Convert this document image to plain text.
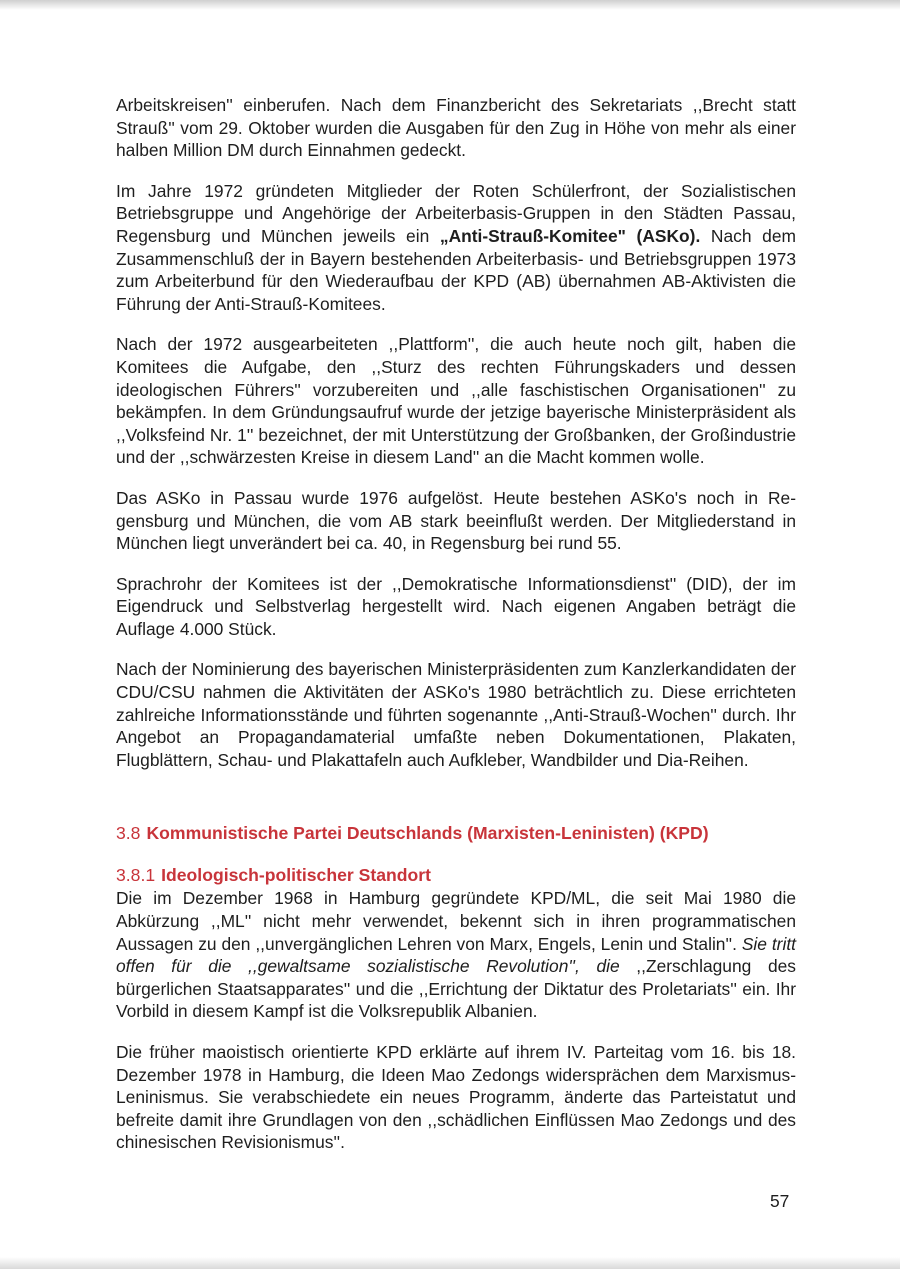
Arbeitskreisen'' einberufen. Nach dem Finanzbericht des Sekretariats ,,Brecht statt Strauß'' vom 29. Oktober wurden die Ausgaben für den Zug in Höhe von mehr als einer halben Million DM durch Einnahmen gedeckt.

Im Jahre 1972 gründeten Mitglieder der Roten Schülerfront, der Sozialistischen Betriebsgruppe und Angehörige der Arbeiterbasis-Gruppen in den Städten Passau, Regensburg und München jeweils ein „Anti-Strauß-Komitee" (ASKo). Nach dem Zusammenschluß der in Bayern bestehenden Arbeiterbasis- und Betriebsgruppen 1973 zum Arbeiterbund für den Wiederaufbau der KPD (AB) übernahmen AB-Aktivisten die Führung der Anti-Strauß-Komitees.

Nach der 1972 ausgearbeiteten ,,Plattform'', die auch heute noch gilt, haben die Komitees die Aufgabe, den ,,Sturz des rechten Führungskaders und dessen ideologischen Führers'' vorzubereiten und ,,alle faschistischen Organisationen'' zu bekämpfen. In dem Gründungsaufruf wurde der jetzige bayerische Ministerpräsident als ,,Volksfeind Nr. 1'' bezeichnet, der mit Unterstützung der Großbanken, der Großindustrie und der ,,schwärzesten Kreise in diesem Land'' an die Macht kommen wolle.

Das ASKo in Passau wurde 1976 aufgelöst. Heute bestehen ASKo's noch in Regensburg und München, die vom AB stark beeinflußt werden. Der Mitgliederstand in München liegt unverändert bei ca. 40, in Regensburg bei rund 55.

Sprachrohr der Komitees ist der ,,Demokratische Informationsdienst'' (DID), der im Eigendruck und Selbstverlag hergestellt wird. Nach eigenen Angaben beträgt die Auflage 4.000 Stück.

Nach der Nominierung des bayerischen Ministerpräsidenten zum Kanzlerkandidaten der CDU/CSU nahmen die Aktivitäten der ASKo's 1980 beträchtlich zu. Diese errichteten zahlreiche Informationsstände und führten sogenannte ,,Anti-Strauß-Wochen'' durch. Ihr Angebot an Propagandamaterial umfaßte neben Dokumentationen, Plakaten, Flugblättern, Schau- und Plakattafeln auch Aufkleber, Wandbilder und Dia-Reihen.

3.8 Kommunistische Partei Deutschlands (Marxisten-Leninisten) (KPD)
3.8.1 Ideologisch-politischer Standort

Die im Dezember 1968 in Hamburg gegründete KPD/ML, die seit Mai 1980 die Abkürzung ,,ML'' nicht mehr verwendet, bekennt sich in ihren programmatischen Aussagen zu den ,,unvergänglichen Lehren von Marx, Engels, Lenin und Stalin''. Sie tritt offen für die ,,gewaltsame sozialistische Revolution'', die ,,Zerschlagung des bürgerlichen Staatsapparates'' und die ,,Errichtung der Diktatur des Proletariats'' ein. Ihr Vorbild in diesem Kampf ist die Volksrepublik Albanien.

Die früher maoistisch orientierte KPD erklärte auf ihrem IV. Parteitag vom 16. bis 18. Dezember 1978 in Hamburg, die Ideen Mao Zedongs widersprächen dem Marxismus-Leninismus. Sie verabschiedete ein neues Programm, änderte das Parteistatut und befreite damit ihre Grundlagen von den ,,schädlichen Einflüssen Mao Zedongs und des chinesischen Revisionismus''.

57
